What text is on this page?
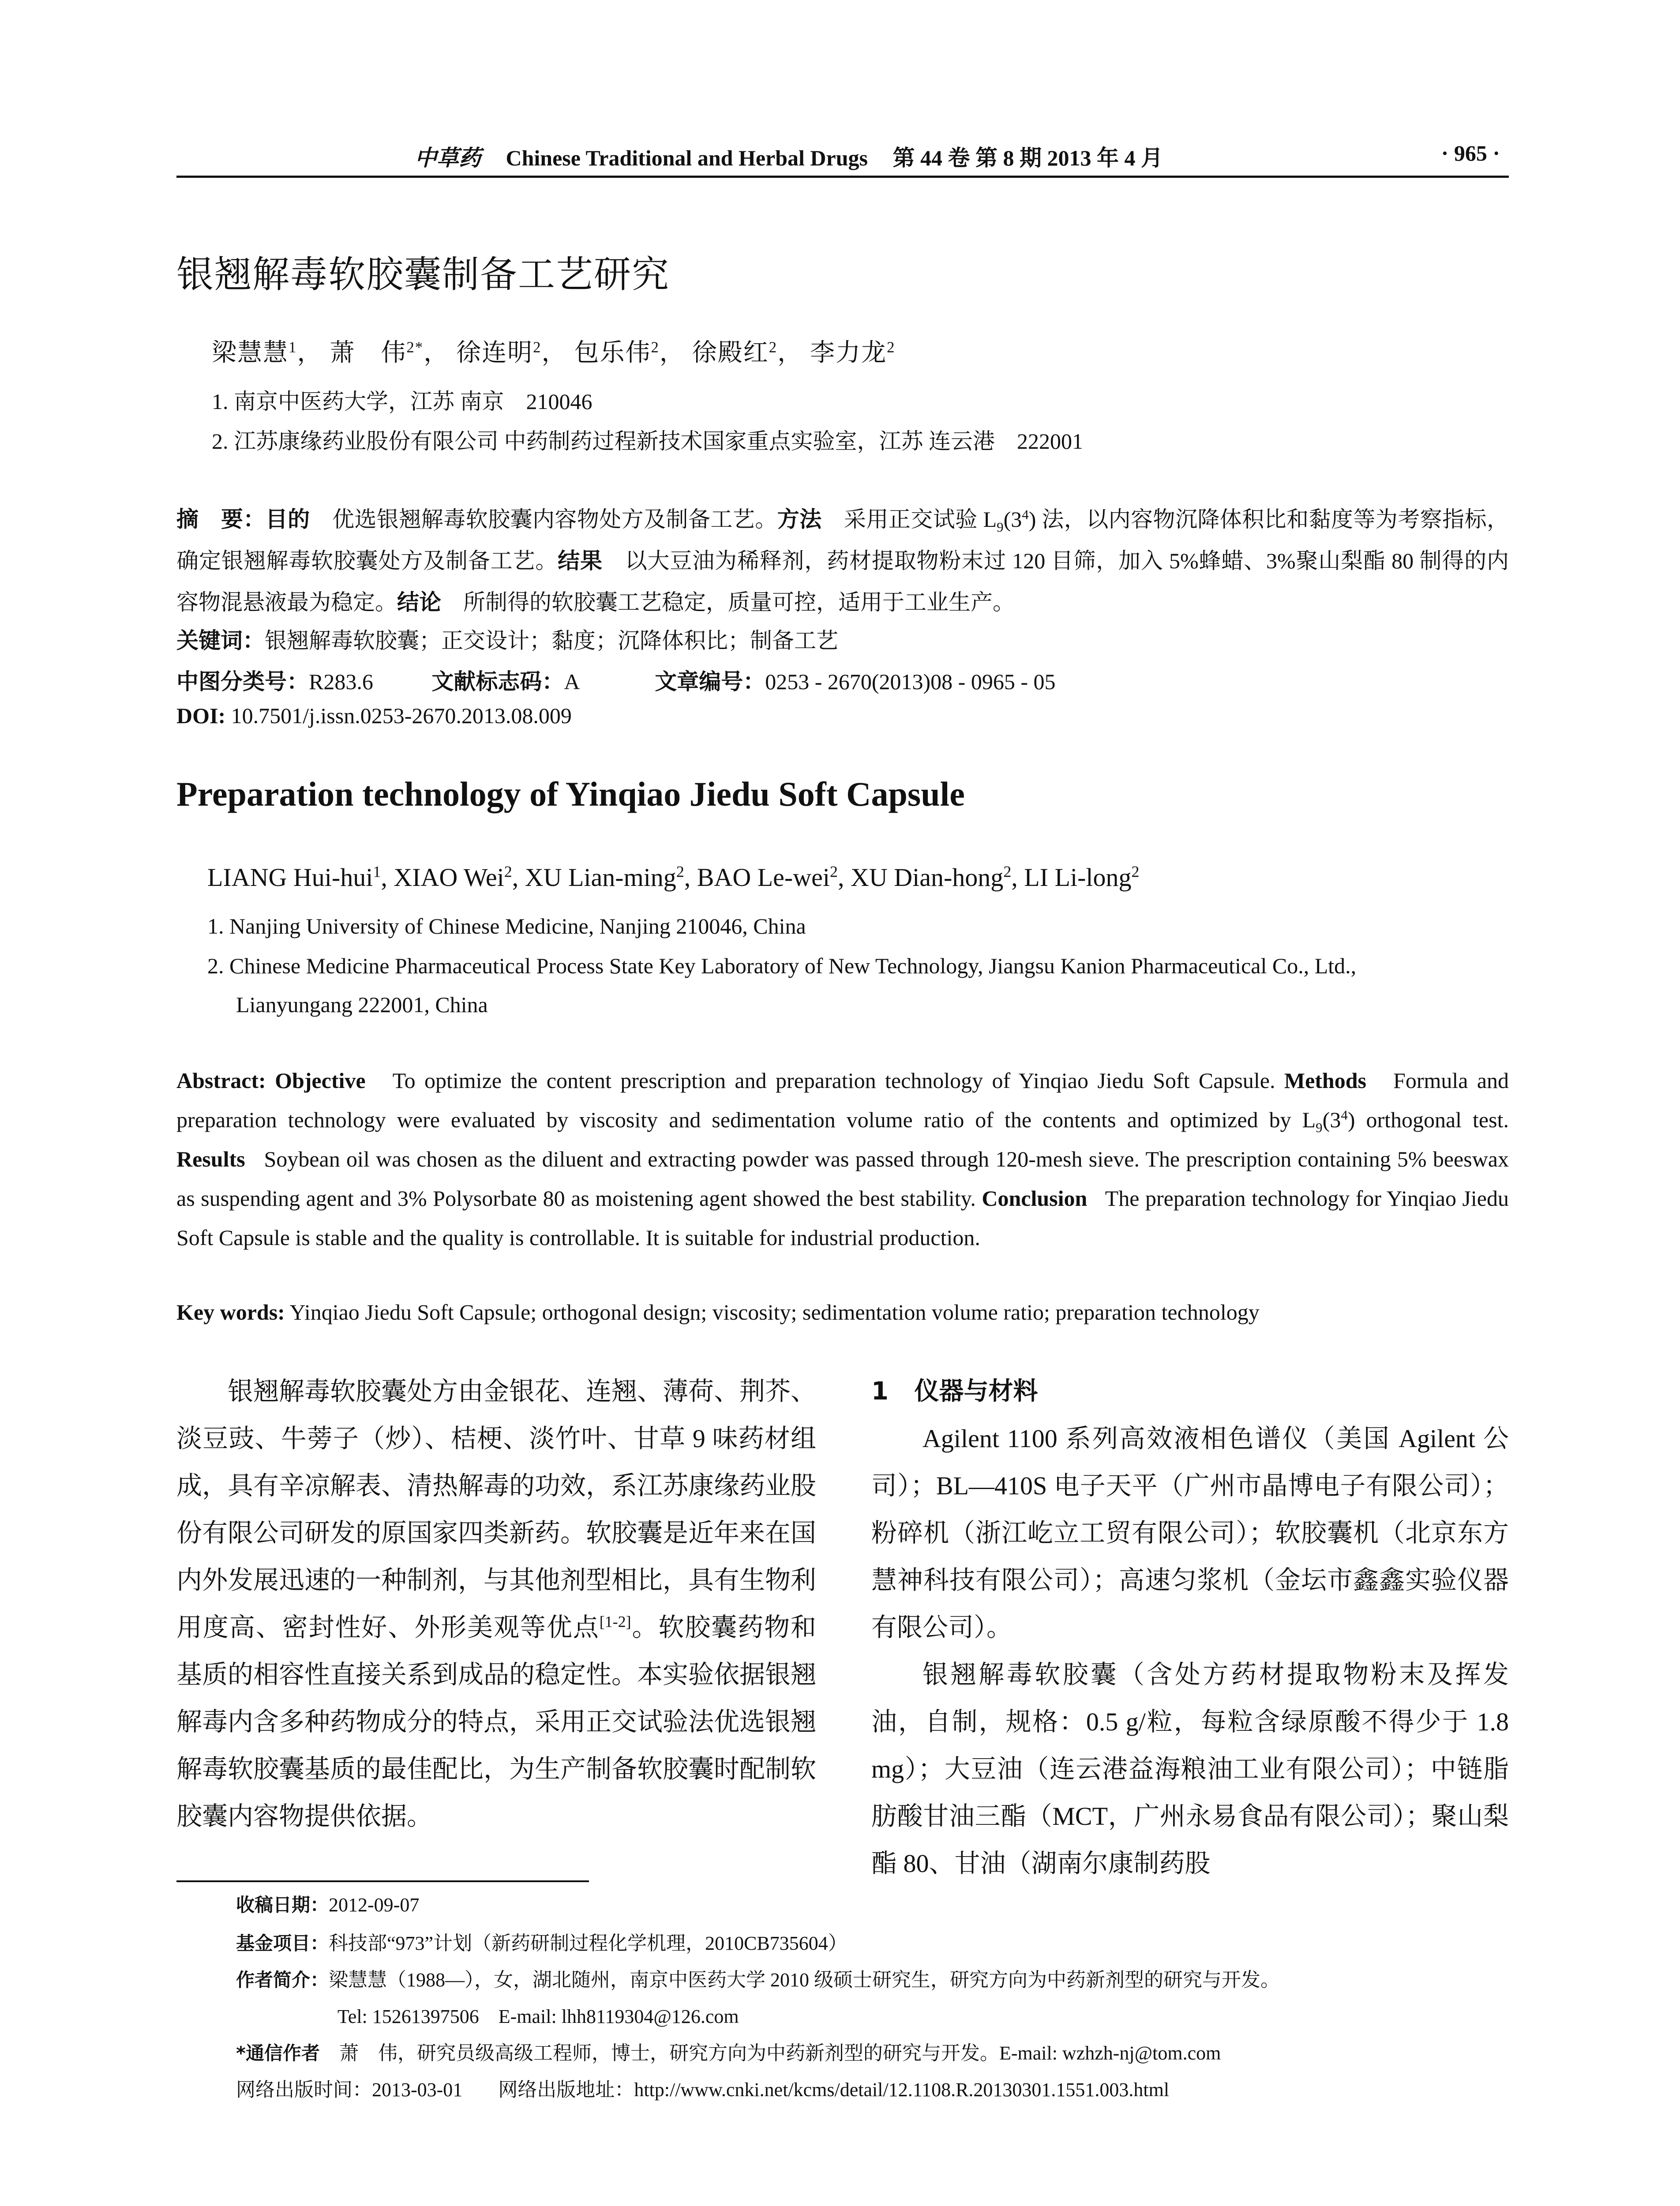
中草药 Chinese Traditional and Herbal Drugs 第 44 卷 第 8 期 2013 年 4 月	· 965 ·
银翘解毒软胶囊制备工艺研究
梁慧慧$^1$， 萧　伟$^{2*}$， 徐连明$^2$， 包乐伟$^2$， 徐殿红$^2$， 李力龙$^2$
1. 南京中医药大学，江苏 南京　210046
2. 江苏康缘药业股份有限公司 中药制药过程新技术国家重点实验室，江苏 连云港　222001
摘　要：目的　 优选银翘解毒软胶囊内容物处方及制备工艺。方法　 采用正交试验 $L_9(3^4)$ 法，以内容物沉降体积比和黏度等为考察指标，确定银翘解毒软胶囊处方及制备工艺。结果　 以大豆油为稀释剂，药材提取物粉末过 120 目筛，加入 5%蜂蜡、3%聚山梨酯 80 制得的内容物混悬液最为稳定。结论　 所制得的软胶囊工艺稳定，质量可控，适用于工业生产。
关键词：银翘解毒软胶囊；正交设计；黏度；沉降体积比；制备工艺
中图分类号：R283.6	文献标志码：A	文章编号：0253 - 2670(2013)08 - 0965 - 05
DOI: 10.7501/j.issn.0253-2670.2013.08.009
Preparation technology of Yinqiao Jiedu Soft Capsule
LIANG Hui-hui$^1$, XIAO Wei$^2$, XU Lian-ming$^2$, BAO Le-wei$^2$, XU Dian-hong$^2$, LI Li-long$^2$
1. Nanjing University of Chinese Medicine, Nanjing 210046, China
2. Chinese Medicine Pharmaceutical Process State Key Laboratory of New Technology, Jiangsu Kanion Pharmaceutical Co., Ltd.,
Lianyungang 222001, China
Abstract: Objective To optimize the content prescription and preparation technology of Yinqiao Jiedu Soft Capsule. Methods Formula and preparation technology were evaluated by viscosity and sedimentation volume ratio of the contents and optimized by $L_9(3^4)$ orthogonal test. Results Soybean oil was chosen as the diluent and extracting powder was passed through 120-mesh sieve. The prescription containing 5% beeswax as suspending agent and 3% Polysorbate 80 as moistening agent showed the best stability. Conclusion The preparation technology for Yinqiao Jiedu Soft Capsule is stable and the quality is controllable. It is suitable for industrial production.
Key words: Yinqiao Jiedu Soft Capsule; orthogonal design; viscosity; sedimentation volume ratio; preparation technology

银翘解毒软胶囊处方由金银花、连翘、薄荷、荆芥、淡豆豉、牛蒡子（炒）、桔梗、淡竹叶、甘草 9 味药材组成，具有辛凉解表、清热解毒的功效，系江苏康缘药业股份有限公司研发的原国家四类新药。软胶囊是近年来在国内外发展迅速的一种制剂，与其他剂型相比，具有生物利用度高、密封性好、外形美观等优点[1-2]。软胶囊药物和基质的相容性直接关系到成品的稳定性。本实验依据银翘解毒内含多种药物成分的特点，采用正交试验法优选银翘解毒软胶囊基质的最佳配比，为生产制备软胶囊时配制软胶囊内容物提供依据。

1 仪器与材料

Agilent 1100 系列高效液相色谱仪（美国 Agilent 公司）；BL—410S 电子天平（广州市晶博电子有限公司）；粉碎机（浙江屹立工贸有限公司）；软胶囊机（北京东方慧神科技有限公司）；高速匀浆机（金坛市鑫鑫实验仪器有限公司）。

银翘解毒软胶囊（含处方药材提取物粉末及挥发油，自制，规格：0.5 g/粒，每粒含绿原酸不得少于 1.8 mg）；大豆油（连云港益海粮油工业有限公司）；中链脂肪酸甘油三酯（MCT，广州永易食品有限公司）；聚山梨酯 80、甘油（湖南尔康制药股

收稿日期：2012-09-07
基金项目：科技部“973”计划（新药研制过程化学机理，2010CB735604）
作者简介：梁慧慧（1988—），女，湖北随州，南京中医药大学 2010 级硕士研究生，研究方向为中药新剂型的研究与开发。
Tel: 15261397506　E-mail: lhh8119304@126.com
*通信作者　 萧　伟，研究员级高级工程师，博士，研究方向为中药新剂型的研究与开发。E-mail: wzhzh-nj@tom.com
网络出版时间：2013-03-01 网络出版地址：http://www.cnki.net/kcms/detail/12.1108.R.20130301.1551.003.html
